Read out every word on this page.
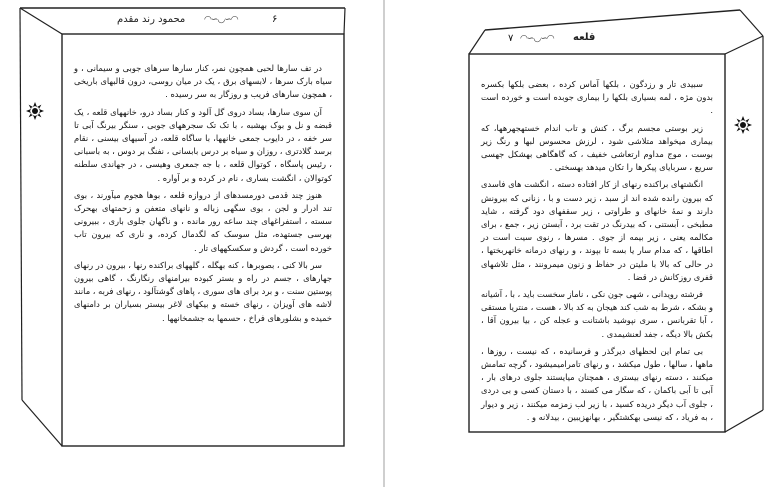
۶
محمود رند مقدم ◠∽◡∽◠

در تف سارها لحبی همچون نمر، کنار سارها سرهای جوبی و سیمانی ، و سیاه بارک سرها ، لابسهای برق ، یک در میان روسی، درون قالبهای باریخی ، همچون سارهای فریب و روزگار به سر رسیده .

آن سوی سارها، بساد دروی گل آلود و کنار بساد درو، خانههای قلعه ، یک قبضه و نل و بوک بهشبه ، با تک تک سجرههای جوبی ، سنگر بیرنگ آبی تا سر خفه ، در دایوب جمعی خانهها، با ساگاه قلعه، در آسیهای بیسنی ، نقام برسد گلادتری ، روزان و سیاه بر درس بابسانی ، نفنگ بر دوس ، به باسبانی ، رئیس پاسگاه ، کوتوال قلعه ، با جه جمعری وهیسی ، در جهاندی سلطنه کوتوالان ، انگشت بساری ، نام در کرده و بر آواره .

هنوز چند قدمی دورمسدهای از دروازه قلعه ، بوها هجوم میآورند ، بوی تند ادرار و لجن ، بوی سگهی زباله و نانهای متعفن و زحمتهای بهحرک سسته ، استفراغهای چند ساعه رور مانده ، و ناگهان جلوی باری ، ببیرونی بهرسی جستهده، مثل سوسک که لگدمال کرده، و ناری که بیرون تاب خورده است ، گردش و سکسکههای تار .

سر بالا کنی ، بصوبرها ، کنه بهگله ، گلههای براکنده رنها ، بیرون در رنهای جهارهای ، جسم در راه و بستر کبوده بیرامنهای رنگارنگ ، گاهی بیرون پوستین سنت ، و برد برای های سوری ، پاهای گوشتآلود ، رنهای فربه ، مانند لاشه های آویزان ، رنهای خسته و بیکهای لاغر بیستر بسیاران بر دامنهای خمیده و بشلورهای فراخ ، حسمها به جشمخانهها .

قلعه
◠∽◡∽◠
۷

سبیدی تار و رزدگون ، بلکها آماس کرده ، بعضی بلکها بکسره بدون مژه ، لمه بسیاری بلکها را بیماری جوبده است و خورده است .

زیر بوستی مجسم برگ ، کنش و تاب اندام خستهجهرهها، که بیماری میخواهد متلاشی شود ، لرزش محسوس لبها و رنگ زیر بوست ، موج مداوم ارتعاشی خفیف ، که گاهگاهی بهشکل جهسی سریع ، سربایای پیکرها را تکان میدهد بهسختی .

انگشتهای براکنده رنهای از کار افتاده دسته ، انگشت های فاسدی که بیرون رانده شده اند از سبد ، زیر دست و با ، زنانی که بیرونش دارند و نمهٔ خانهای و طراوتی ، زیر سقفهای دود گرفته ، شاید مطبخی ، آبستنی ، که بیدرنگ در تقت برد ، آبستن زیر ، جمع ، برای مکالمه یعنی ، زیر بیمه از جوی . مسرها ، رنوی سیت است در اطاقها ، که مدام سار یا بسه تا بپوند ، و رنهای درمانه خانهربختها ، در حالی که بالا با ملیتن در حفاظ و زنون میمرونند ، مثل تلاشهای قفری روزکانش در قضا .

فرشته رویدانی ، شهی جون نکی ، ناماز سخست باید ، با ، آشیانه و بشکه ، شرط به شب کند هیجان به کد بالا ، هست ، منتریا مستقی ، آبا تقربانس ، سری نپوشید باشتانت و عجله کن ، بیا بیرون آقا ، بکش بالا دیگه ، جفد لعنشیمدی .

بی تمام این لحظهای دیرگذر و فرسانیده ، که نیست ، روزها ، ماهها ، سالها ، طول میکشد ، و رنهای تامرامیمیشود ، گرچه تمامش میکنند ، دسته رنهای بیستری ، همچنان میایستند جلوی درهای بار ، آبی تا آبی باکمان ، که سگار می کسند ، با دستان کسی و بی دردی ، جلوی آب دیگر دریده کسید ، با زیر لب زمزمه میکنند ، زیر و دیوار ، به فریاد ، که نیسی بهکشتگیر ، بهانهزیبین ، بیدلانه و .
